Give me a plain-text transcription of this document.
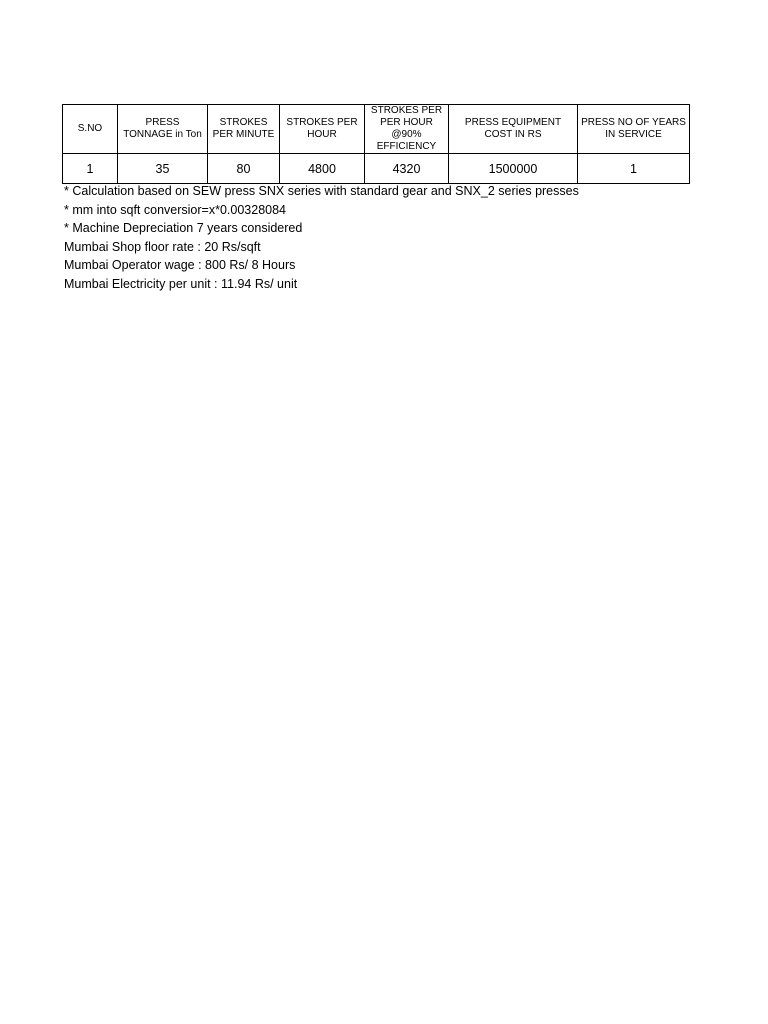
S.NO	PRESS TONNAGE in Ton	STROKES PER MINUTE	STROKES PER HOUR	STROKES PER PER HOUR @90% EFFICIENCY	PRESS EQUIPMENT COST IN RS	PRESS NO OF YEARS IN SERVICE
1	35	80	4800	4320	1500000	1
* Calculation based on SEW press SNX series with standard gear and SNX_2 series presses
* mm into sqft conversior=x*0.00328084
* Machine Depreciation 7 years considered
Mumbai Shop floor rate : 20 Rs/sqft
Mumbai Operator wage : 800 Rs/ 8 Hours
Mumbai Electricity per unit : 11.94 Rs/ unit
